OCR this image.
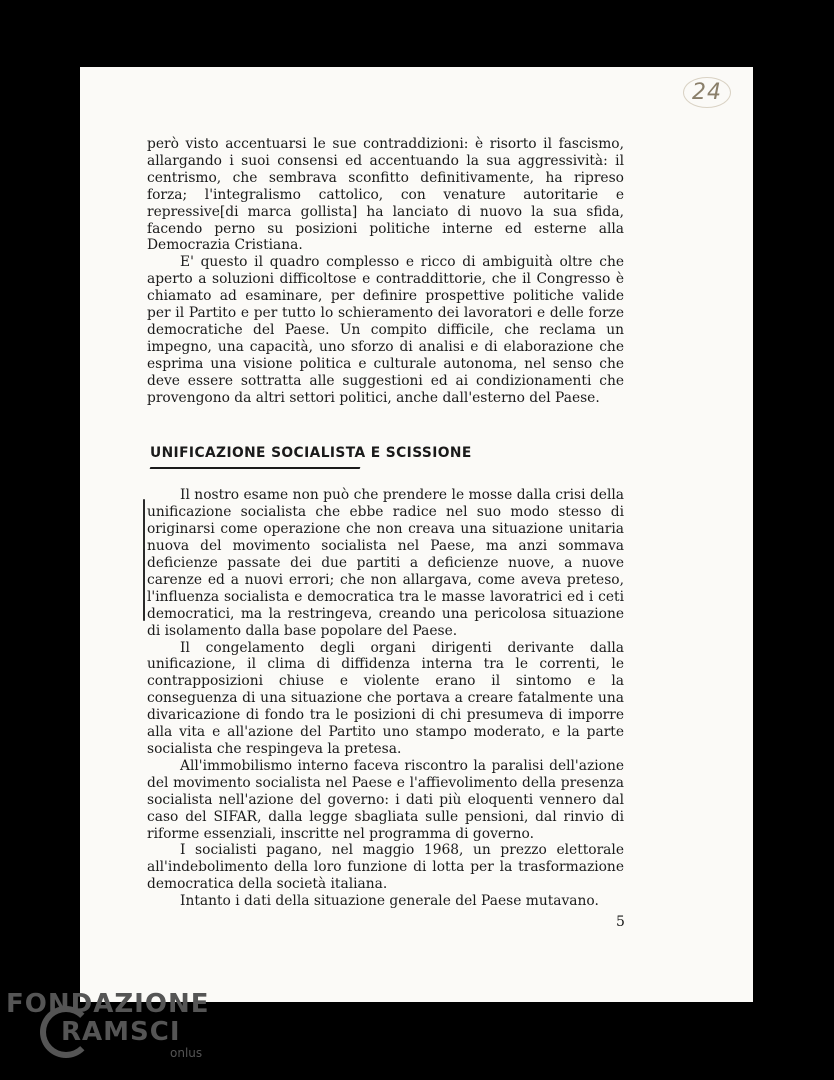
24

però visto accentuarsi le sue contraddizioni: è risorto il fascismo, allargando i suoi consensi ed accentuando la sua aggressività: il centrismo, che sembrava sconfitto definitivamente, ha ripreso forza; l'integralismo cattolico, con venature autoritarie e repressive[di marca gollista] ha lanciato di nuovo la sua sfida, facendo perno su posizioni politiche interne ed esterne alla Democrazia Cristiana.

E' questo il quadro complesso e ricco di ambiguità oltre che aperto a soluzioni difficoltose e contraddittorie, che il Congresso è chiamato ad esaminare, per definire prospettive politiche valide per il Partito e per tutto lo schieramento dei lavoratori e delle forze democratiche del Paese. Un compito difficile, che reclama un impegno, una capacità, uno sforzo di analisi e di elaborazione che esprima una visione politica e culturale autonoma, nel senso che deve essere sottratta alle suggestioni ed ai condizionamenti che provengono da altri settori politici, anche dall'esterno del Paese.

UNIFICAZIONE SOCIALISTA E SCISSIONE

Il nostro esame non può che prendere le mosse dalla crisi della unificazione socialista che ebbe radice nel suo modo stesso di originarsi come operazione che non creava una situazione unitaria nuova del movimento socialista nel Paese, ma anzi sommava deficienze passate dei due partiti a deficienze nuove, a nuove carenze ed a nuovi errori; che non allargava, come aveva preteso, l'influenza socialista e democratica tra le masse lavoratrici ed i ceti democratici, ma la restringeva, creando una pericolosa situazione di isolamento dalla base popolare del Paese.

Il congelamento degli organi dirigenti derivante dalla unificazione, il clima di diffidenza interna tra le correnti, le contrapposizioni chiuse e violente erano il sintomo e la conseguenza di una situazione che portava a creare fatalmente una divaricazione di fondo tra le posizioni di chi presumeva di imporre alla vita e all'azione del Partito uno stampo moderato, e la parte socialista che respingeva la pretesa.

All'immobilismo interno faceva riscontro la paralisi dell'azione del movimento socialista nel Paese e l'affievolimento della presenza socialista nell'azione del governo: i dati più eloquenti vennero dal caso del SIFAR, dalla legge sbagliata sulle pensioni, dal rinvio di riforme essenziali, inscritte nel programma di governo.

I socialisti pagano, nel maggio 1968, un prezzo elettorale all'indebolimento della loro funzione di lotta per la trasformazione democratica della società italiana.

Intanto i dati della situazione generale del Paese mutavano.

5
FONDAZIONE
RAMSCI
onlus
